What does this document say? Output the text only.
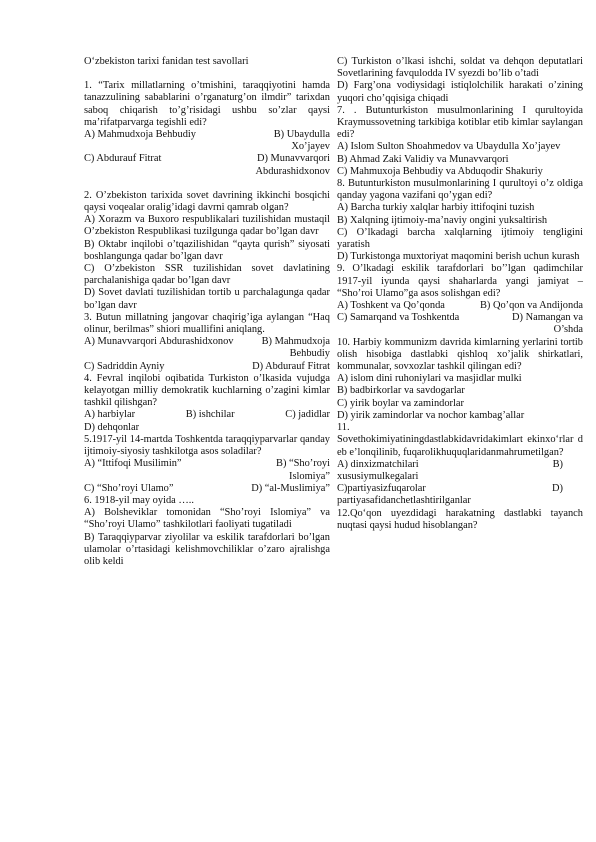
O‘zbekiston tarixi fanidan test savollari

1. “Tarix millatlarning o’tmishini, taraqqiyotini hamda tanazzulining sabablarini o’rganaturg’on ilmdir” tarixdan saboq chiqarish to’g’risidagi ushbu so’zlar qaysi ma’rifatparvarga tegishli edi?

A) Mahmudxoja Behbudiy	B) Ubaydulla Xo’jayev
C) Abdurauf Fitrat	D) Munavvarqori Abdurashidxonov

2. O’zbekiston tarixida sovet davrining ikkinchi bosqichi qaysi voqealar oralig’idagi davrni qamrab olgan?

A) Xorazm va Buxoro respublikalari tuzilishidan mustaqil O’zbekiston Respublikasi tuzilgunga qadar bo’lgan davr

B) Oktabr inqilobi o’tqazilishidan “qayta qurish” siyosati boshlangunga qadar bo’lgan davr

C) O’zbekiston SSR tuzilishidan sovet davlatining parchalanishiga qadar bo’lgan davr

D) Sovet davlati tuzilishidan tortib u parchalagunga qadar bo’lgan davr

3. Butun millatning jangovar chaqirig’iga aylangan “Haq olinur, berilmas” shiori muallifini aniqlang.

A) Munavvarqori Abdurashidxonov	B) Mahmudxoja Behbudiy
C) Sadriddin Ayniy	D) Abdurauf Fitrat

4. Fevral inqilobi oqibatida Turkiston o’lkasida vujudga kelayotgan milliy demokratik kuchlarning o’zagini kimlar tashkil qilishgan?

A) harbiylar	B) ishchilar	C) jadidlar

D) dehqonlar

5.1917-yil 14-martda Toshkentda taraqqiyparvarlar qanday ijtimoiy-siyosiy tashkilotga asos soladilar?

A) “Ittifoqi Musilimin”	B) “Sho’royi Islomiya”
C) “Sho’royi Ulamo”	D) “al-Muslimiya”

6. 1918-yil may oyida …..

A) Bolsheviklar tomonidan “Sho’royi Islomiya” va “Sho’royi Ulamo” tashkilotlari faoliyati tugatiladi

B) Taraqqiyparvar ziyolilar va eskilik tarafdorlari bo’lgan ulamolar o’rtasidagi kelishmovchiliklar o’zaro ajralishga olib keldi

C) Turkiston o’lkasi ishchi, soldat va dehqon deputatlari Sovetlarining favqulodda IV syezdi bo’lib o’tadi

D) Farg’ona vodiysidagi istiqlolchilik harakati o’zining yuqori cho’qqisiga chiqadi

7. . Butunturkiston musulmonlarining I qurultoyida Kraymussovetning tarkibiga kotiblar etib kimlar saylangan edi?

A) Islom Sulton Shoahmedov va Ubaydulla Xo’jayev

B) Ahmad Zaki Validiy va Munavvarqori

C) Mahmuxoja Behbudiy va Abduqodir Shakuriy

8. Butunturkiston musulmonlarining I qurultoyi o’z oldiga qanday yagona vazifani qo’ygan edi?

A) Barcha turkiy xalqlar harbiy ittifoqini tuzish

B) Xalqning ijtimoiy-ma’naviy ongini yuksaltirish

C) O’lkadagi barcha xalqlarning ijtimoiy tengligini yaratish

D) Turkistonga muxtoriyat maqomini berish uchun kurash

9. O’lkadagi eskilik tarafdorlari bo’’lgan qadimchilar 1917-yil iyunda qaysi shaharlarda yangi jamiyat – “Sho’roi Ulamo”ga asos solishgan edi?

A) Toshkent va Qo’qonda	B) Qo’qon va Andijonda
C) Samarqand va Toshkentda	D) Namangan va O’shda

10. Harbiy kommunizm davrida kimlarning yerlarini tortib olish hisobiga dastlabki qishloq xo’jalik shirkatlari, kommunalar, sovxozlar tashkil qilingan edi?

A) islom dini ruhoniylari va masjidlar mulki

B) badbirkorlar va savdogarlar

C) yirik boylar va zamindorlar

D) yirik zamindorlar va nochor kambag’allar

11.

Sovethokimiyatiningdastlabkidavridakimlart ekinxo‘rlar deb e’lonqilinib, fuqarolikhuquqlaridanmahrumetilgan?

A) dinxizmatchilari	B)

xususiymulkegalari

C)partiyasizfuqarolar	D)

partiyasafidanchetlashtirilganlar

12.Qo‘qon uyezdidagi harakatning dastlabki tayanch nuqtasi qaysi hudud hisoblangan?
